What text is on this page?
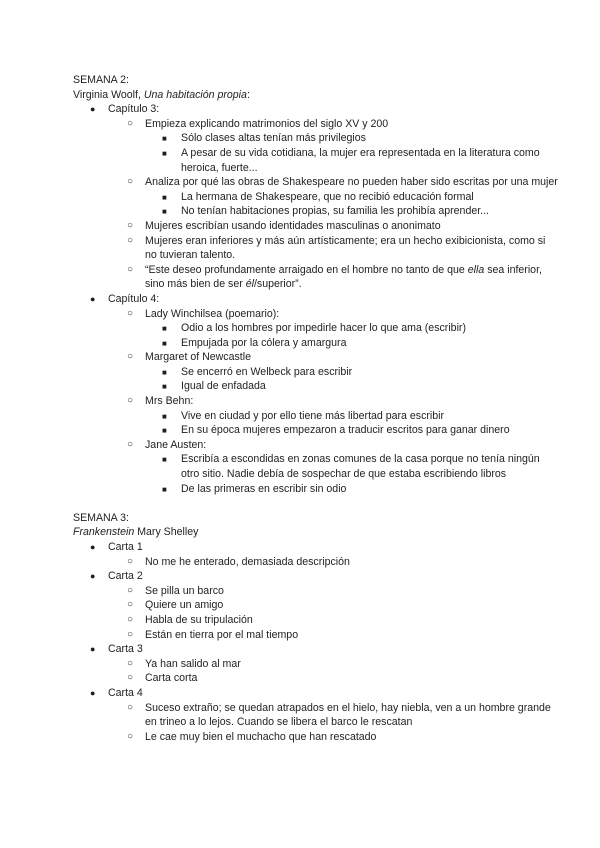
SEMANA 2:
Virginia Woolf, Una habitación propia:
● Capítulo 3:
○ Empieza explicando matrimonios del siglo XV y 200
■ Sólo clases altas tenían más privilegios
■ A pesar de su vida cotidiana, la mujer era representada en la literatura como heroica, fuerte...
○ Analiza por qué las obras de Shakespeare no pueden haber sido escritas por una mujer
■ La hermana de Shakespeare, que no recibió educación formal
■ No tenían habitaciones propias, su familia les prohibía aprender...
○ Mujeres escribían usando identidades masculinas o anonimato
○ Mujeres eran inferiores y más aún artísticamente; era un hecho exibicionista, como si no tuvieran talento.
○ “Este deseo profundamente arraigado en el hombre no tanto de que ella sea inferior, sino más bien de ser él/superior”.
● Capítulo 4:
○ Lady Winchilsea (poemario):
■ Odio a los hombres por impedirle hacer lo que ama (escribir)
■ Empujada por la cólera y amargura
○ Margaret of Newcastle
■ Se encerró en Welbeck para escribir
■ Igual de enfadada
○ Mrs Behn:
■ Vive en ciudad y por ello tiene más libertad para escribir
■ En su época mujeres empezaron a traducir escritos para ganar dinero
○ Jane Austen:
■ Escribía a escondidas en zonas comunes de la casa porque no tenía ningún otro sitio. Nadie debía de sospechar de que estaba escribiendo libros
■ De las primeras en escribir sin odio
SEMANA 3:
Frankenstein Mary Shelley
● Carta 1
○ No me he enterado, demasiada descripción
● Carta 2
○ Se pilla un barco
○ Quiere un amigo
○ Habla de su tripulación
○ Están en tierra por el mal tiempo
● Carta 3
○ Ya han salido al mar
○ Carta corta
● Carta 4
○ Suceso extraño; se quedan atrapados en el hielo, hay niebla, ven a un hombre grande en trineo a lo lejos. Cuando se libera el barco le rescatan
○ Le cae muy bien el muchacho que han rescatado
